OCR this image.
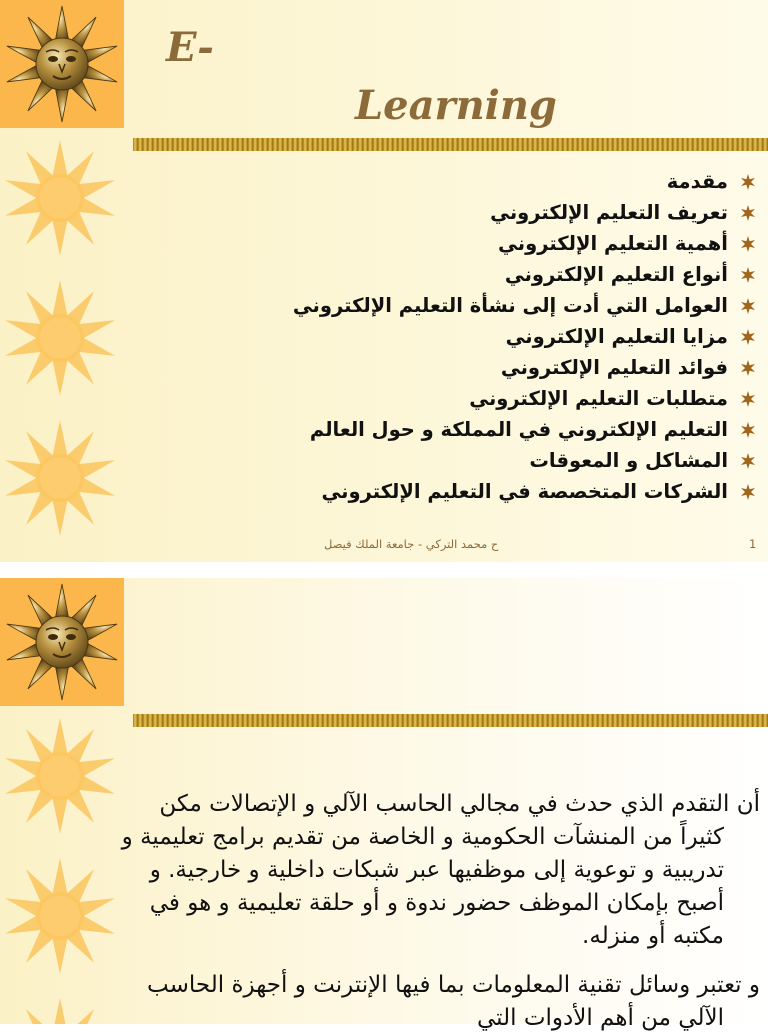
E-
Learning
مقدمة
تعريف التعليم الإلكتروني
أهمية التعليم الإلكتروني
أنواع التعليم الإلكتروني
العوامل التي أدت إلى نشأة التعليم الإلكتروني
مزايا التعليم الإلكتروني
فوائد التعليم الإلكتروني
متطلبات التعليم الإلكتروني
التعليم الإلكتروني في المملكة و حول العالم
المشاكل و المعوقات
الشركات المتخصصة في التعليم الإلكتروني
ح محمد التركي - جامعة الملك فيصل	1

أن التقدم الذي حدث في مجالي الحاسب الآلي و الإتصالات مكن كثيراً من المنشآت الحكومية و الخاصة من تقديم برامج تعليمية و تدريبية و توعوية إلى موظفيها عبر شبكات داخلية و خارجية. و أصبح بإمكان الموظف حضور ندوة و أو حلقة تعليمية و هو في مكتبه أو منزله.

و تعتبر وسائل تقنية المعلومات بما فيها الإنترنت و أجهزة الحاسب الآلي من أهم الأدوات التي
